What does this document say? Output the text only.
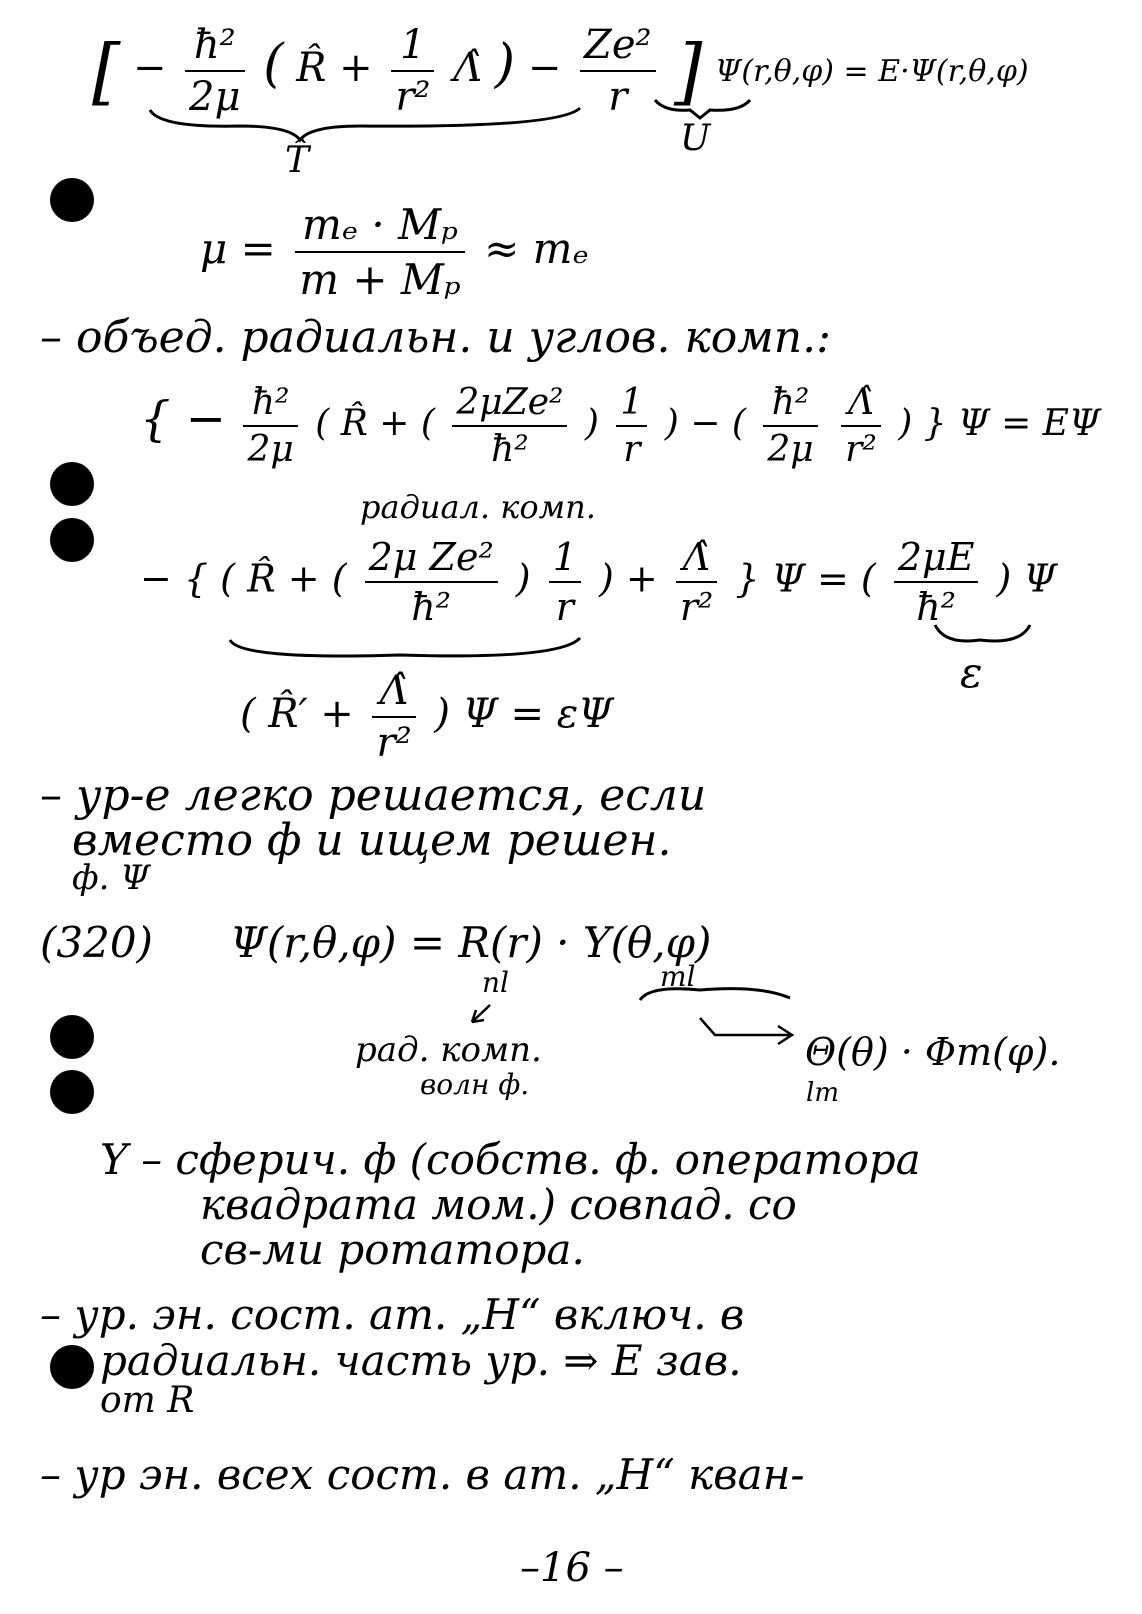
[ − $\frac{\text{ħ²}}{2\mu}$ ( R̂ + $\frac{1}{\text{r²}}$ Λ̂ ) − $\frac{\text{Ze²}}{r}$ ] Ψ(r,θ,φ) = E·Ψ(r,θ,φ)
T̂
U
$\mu = \frac{\text{mₑ · Mₚ}}{\text{m + Mₚ}} \approx m_e$
– объед. радиальн. и углов. комп.:
{ − $\frac{\text{ħ²}}{2\mu}$ ( R̂ + ( $\frac{\text{2μZe²}}{\text{ħ²}}$ ) $\frac{1}{r}$ ) − ( $\frac{\text{ħ²}}{2\mu}$
$\frac{\Lambdâ}{\text{r²}}$ ) } Ψ = EΨ
радиал. комп.
− { ( R̂ + ( $\frac{\text{2μ Ze²}}{\text{ħ²}}$ ) $\frac{1}{r}$ ) + $\frac{\Lambdâ}{\text{r²}}$ } Ψ = ( $\frac{2\mu E}{\text{ħ²}}$ ) Ψ
ε
( R̂′ + $\frac{\Lambdâ}{\text{r²}}$ ) Ψ = εΨ
– ур-е легко решается, если
вместо ф и ищем решен.
ф. Ψ
(320) Ψ(r,θ,φ) = R(r) · Y(θ,φ)
nl	ml
рад. комп.
волн ф.
Θ(θ) · Φm(φ).
lm
Y – сферич. ф (собств. ф. оператора
квадрата мом.) совпад. со
св-ми ротатора.
– ур. эн. сост. ат. „H“ включ. в
радиальн. часть ур. ⇒ E зав.
от R
– ур эн. всех сост. в ат. „H“ кван-
–16 –
